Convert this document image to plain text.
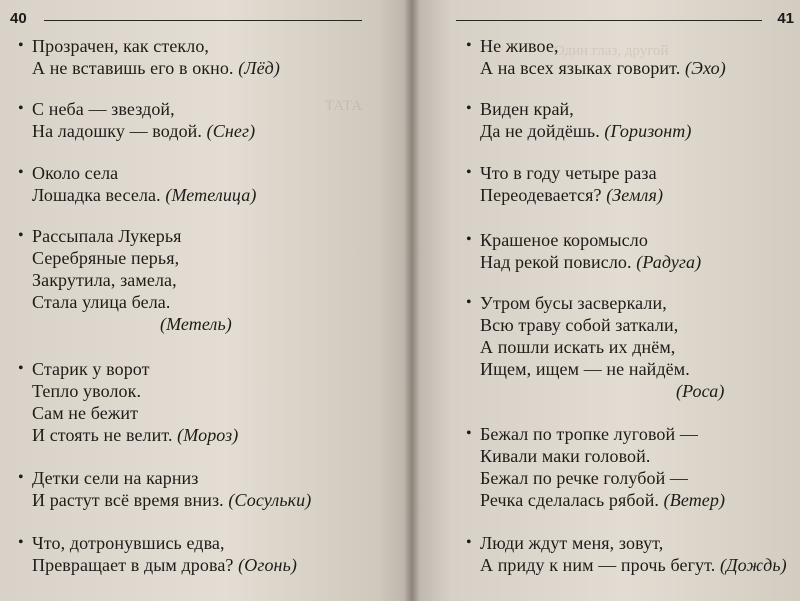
40	41
ТАТА
· Один глаз, другой
• Прозрачен, как стекло,
А не вставишь его в окно. (Лёд)
• С неба — звездой,
На ладошку — водой. (Снег)
• Около села
Лошадка весела. (Метелица)
• Рассыпала Лукерья
Серебряные перья,
Закрутила, замела,
Стала улица бела.
(Метель)
• Старик у ворот
Тепло уволок.
Сам не бежит
И стоять не велит. (Мороз)
• Детки сели на карниз
И растут всё время вниз. (Сосульки)
• Что, дотронувшись едва,
Превращает в дым дрова? (Огонь)
• Не живое,
А на всех языках говорит. (Эхо)
• Виден край,
Да не дойдёшь. (Горизонт)
• Что в году четыре раза
Переодевается? (Земля)
• Крашеное коромысло
Над рекой повисло. (Радуга)
• Утром бусы засверкали,
Всю траву собой заткали,
А пошли искать их днём,
Ищем, ищем — не найдём.
(Роса)
• Бежал по тропке луговой —
Кивали маки головой.
Бежал по речке голубой —
Речка сделалась рябой. (Ветер)
• Люди ждут меня, зовут,
А приду к ним — прочь бегут. (Дождь)
